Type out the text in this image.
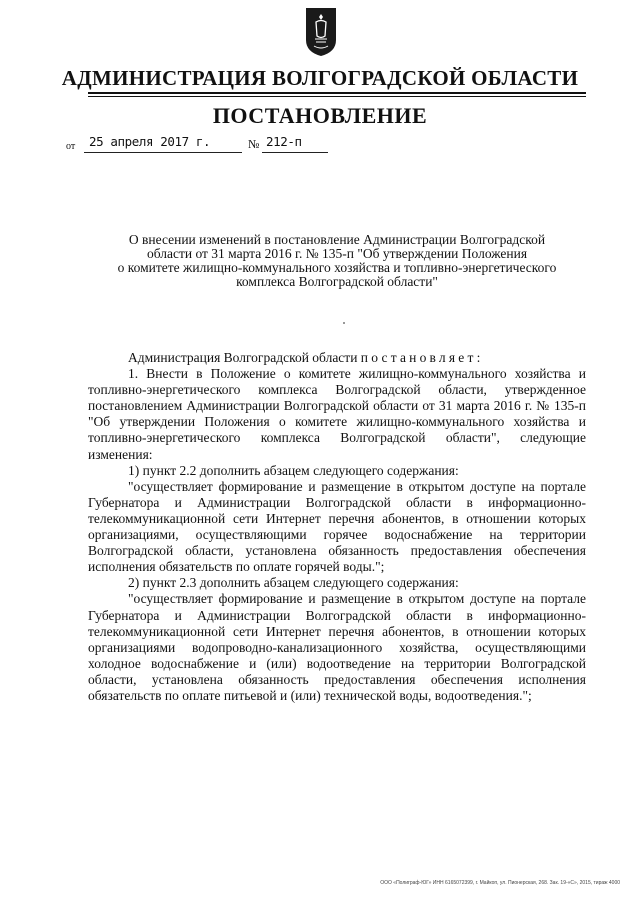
АДМИНИСТРАЦИЯ ВОЛГОГРАДСКОЙ ОБЛАСТИ
ПОСТАНОВЛЕНИЕ
от 25 апреля 2017 г.	№ 212-п
О внесении изменений в постановление Администрации Волгоградской
области от 31 марта 2016 г. № 135-п "Об утверждении Положения
о комитете жилищно-коммунального хозяйства и топливно-энергетического
комплекса Волгоградской области"

Администрация Волгоградской области постановляет:

1. Внести в Положение о комитете жилищно-коммунального хозяйства и топливно-энергетического комплекса Волгоградской области, утвержденное постановлением Администрации Волгоградской области от 31 марта 2016 г. № 135-п "Об утверждении Положения о комитете жилищно-коммунального хозяйства и топливно-энергетического комплекса Волгоградской области", следующие изменения:

1) пункт 2.2 дополнить абзацем следующего содержания:

"осуществляет формирование и размещение в открытом доступе на портале Губернатора и Администрации Волгоградской области в информационно-телекоммуникационной сети Интернет перечня абонентов, в отношении которых организациями, осуществляющими горячее водоснабжение на территории Волгоградской области, установлена обязанность предоставления обеспечения исполнения обязательств по оплате горячей воды.";

2) пункт 2.3 дополнить абзацем следующего содержания:

"осуществляет формирование и размещение в открытом доступе на портале Губернатора и Администрации Волгоградской области в информационно-телекоммуникационной сети Интернет перечня абонентов, в отношении которых организациями водопроводно-канализационного хозяйства, осуществляющими холодное водоснабжение и (или) водоотведение на территории Волгоградской области, установлена обязанность предоставления обеспечения исполнения обязательств по оплате питьевой и (или) технической воды, водоотведения.";

ООО «Полиграф-ЮГ» ИНН 6165072399, г. Майкоп, ул. Пионерская, 268. Зак. 19-«С», 2015, тираж 4000
